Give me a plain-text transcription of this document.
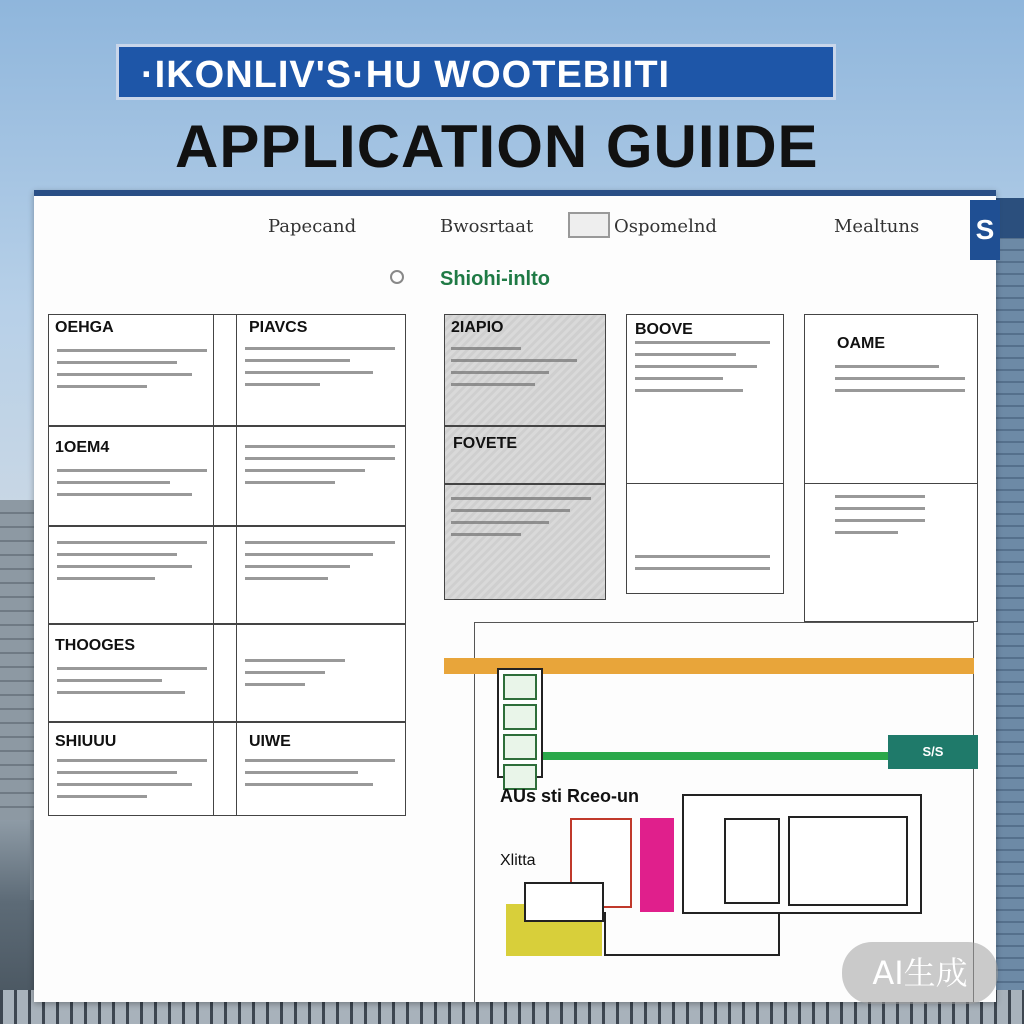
·IKONLIV'S·HU WOOTEBIITI
APPLICATION GUIIDE
S
Papecand	Bwosrtaat	Ospomelnd	Mealtuns
Shiohi-inlto
OEHGA	PIAVCS
1OEM4
THOOGES
SHIUUU	UIWE
2IAPIO
FOVETE
BOOVE
OAME
S/S
AUs sti Rceo-un
Xlitta
AI生成
